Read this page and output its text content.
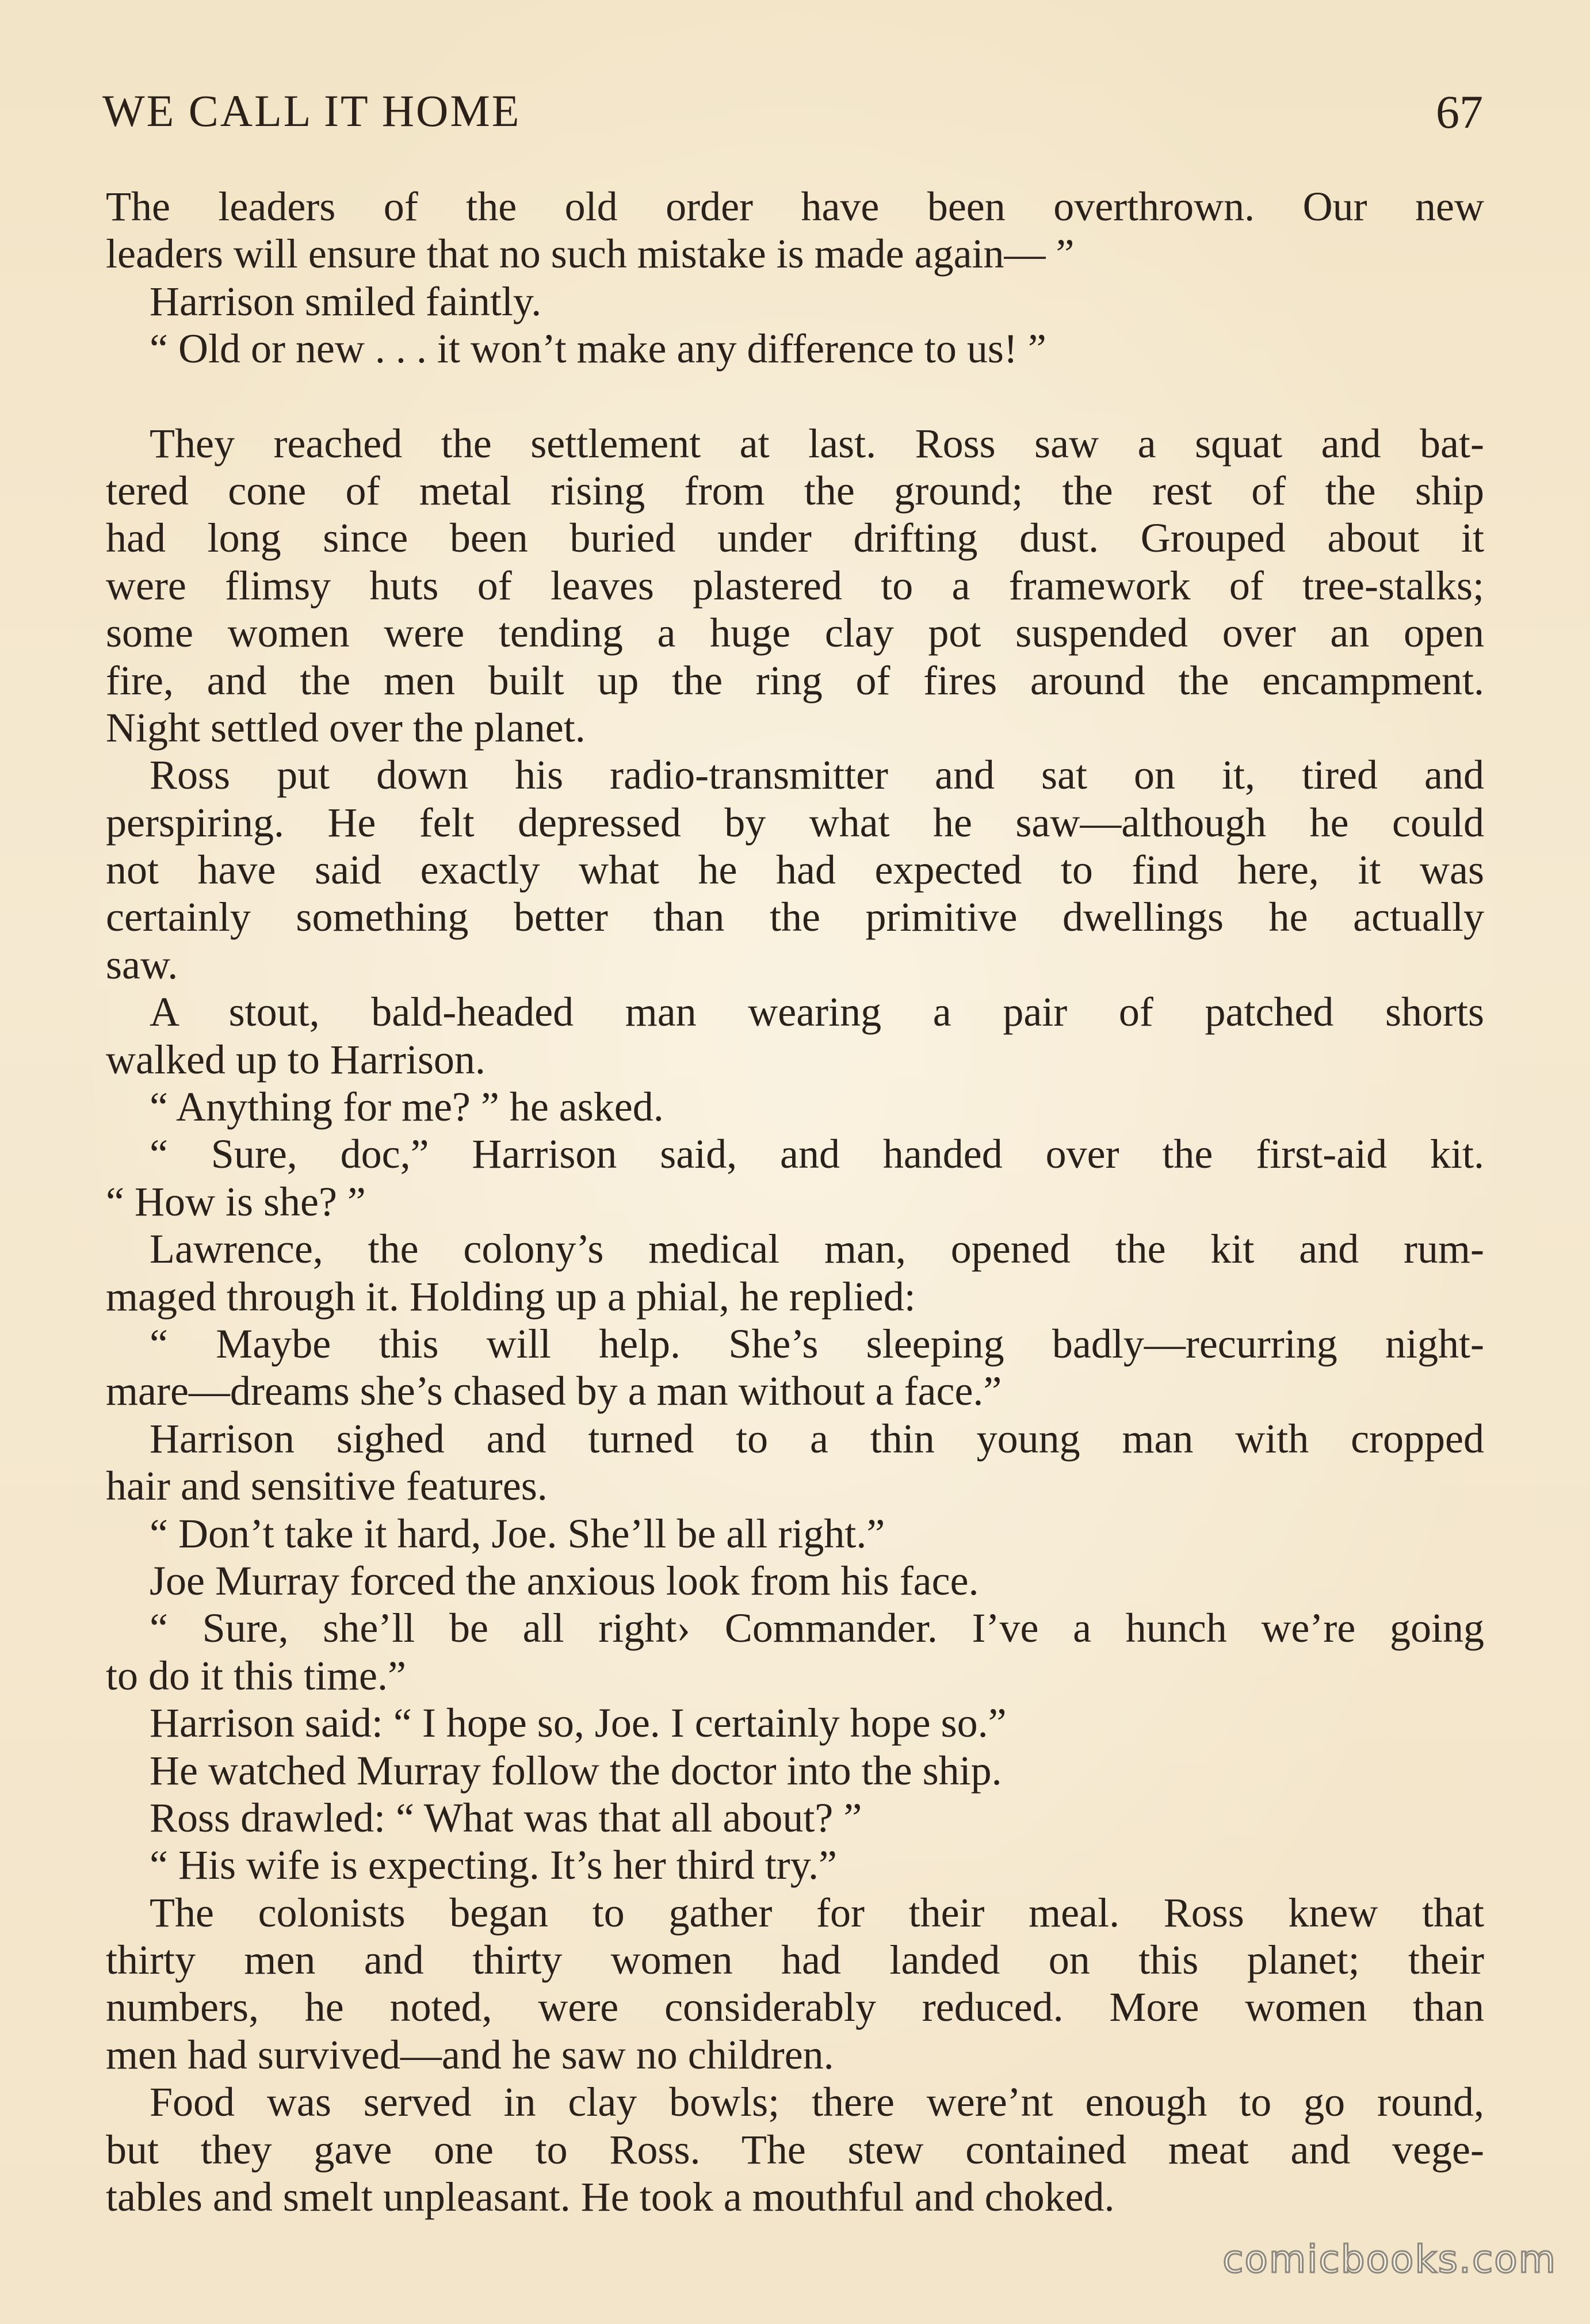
WE CALL IT HOME	67
The leaders of the old order have been overthrown. Our new
leaders will ensure that no such mistake is made again— ”
Harrison smiled faintly.
“ Old or new . . . it won’t make any difference to us! ”
They reached the settlement at last. Ross saw a squat and bat-
tered cone of metal rising from the ground; the rest of the ship
had long since been buried under drifting dust. Grouped about it
were flimsy huts of leaves plastered to a framework of tree-stalks;
some women were tending a huge clay pot suspended over an open
fire, and the men built up the ring of fires around the encampment.
Night settled over the planet.
Ross put down his radio-transmitter and sat on it, tired and
perspiring. He felt depressed by what he saw—although he could
not have said exactly what he had expected to find here, it was
certainly something better than the primitive dwellings he actually
saw.
A stout, bald-headed man wearing a pair of patched shorts
walked up to Harrison.
“ Anything for me? ” he asked.
“ Sure, doc,” Harrison said, and handed over the first-aid kit.
“ How is she? ”
Lawrence, the colony’s medical man, opened the kit and rum-
maged through it. Holding up a phial, he replied:
“ Maybe this will help. She’s sleeping badly—recurring night-
mare—dreams she’s chased by a man without a face.”
Harrison sighed and turned to a thin young man with cropped
hair and sensitive features.
“ Don’t take it hard, Joe. She’ll be all right.”
Joe Murray forced the anxious look from his face.
“ Sure, she’ll be all right› Commander. I’ve a hunch we’re going
to do it this time.”
Harrison said: “ I hope so, Joe. I certainly hope so.”
He watched Murray follow the doctor into the ship.
Ross drawled: “ What was that all about? ”
“ His wife is expecting. It’s her third try.”
The colonists began to gather for their meal. Ross knew that
thirty men and thirty women had landed on this planet; their
numbers, he noted, were considerably reduced. More women than
men had survived—and he saw no children.
Food was served in clay bowls; there were’nt enough to go round,
but they gave one to Ross. The stew contained meat and vege-
tables and smelt unpleasant. He took a mouthful and choked.
comicbooks.com
